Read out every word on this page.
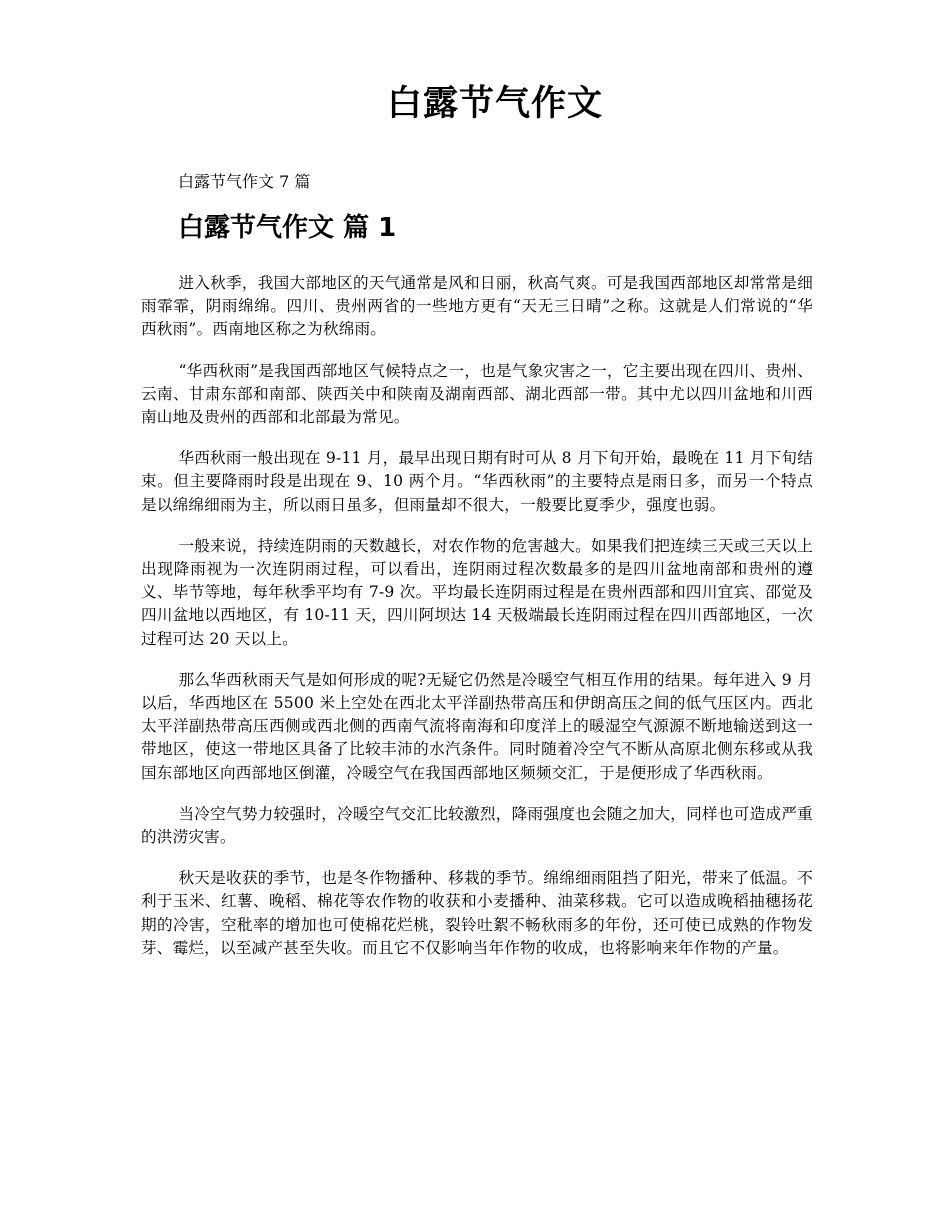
白露节气作文

白露节气作文 7 篇

白露节气作文 篇 1

进入秋季，我国大部地区的天气通常是风和日丽，秋高气爽。可是我国西部地区却常常是细雨霏霏，阴雨绵绵。四川、贵州两省的一些地方更有“天无三日晴”之称。这就是人们常说的“华西秋雨”。西南地区称之为秋绵雨。

“华西秋雨”是我国西部地区气候特点之一，也是气象灾害之一，它主要出现在四川、贵州、云南、甘肃东部和南部、陕西关中和陕南及湖南西部、湖北西部一带。其中尤以四川盆地和川西南山地及贵州的西部和北部最为常见。

华西秋雨一般出现在 9-11 月，最早出现日期有时可从 8 月下旬开始，最晚在 11 月下旬结束。但主要降雨时段是出现在 9、10 两个月。“华西秋雨”的主要特点是雨日多，而另一个特点是以绵绵细雨为主，所以雨日虽多，但雨量却不很大，一般要比夏季少，强度也弱。

一般来说，持续连阴雨的天数越长，对农作物的危害越大。如果我们把连续三天或三天以上出现降雨视为一次连阴雨过程，可以看出，连阴雨过程次数最多的是四川盆地南部和贵州的遵义、毕节等地，每年秋季平均有 7-9 次。平均最长连阴雨过程是在贵州西部和四川宜宾、邵觉及四川盆地以西地区，有 10-11 天，四川阿坝达 14 天极端最长连阴雨过程在四川西部地区，一次过程可达 20 天以上。

那么华西秋雨天气是如何形成的呢?无疑它仍然是冷暖空气相互作用的结果。每年进入 9 月以后，华西地区在 5500 米上空处在西北太平洋副热带高压和伊朗高压之间的低气压区内。西北太平洋副热带高压西侧或西北侧的西南气流将南海和印度洋上的暖湿空气源源不断地输送到这一带地区，使这一带地区具备了比较丰沛的水汽条件。同时随着冷空气不断从高原北侧东移或从我国东部地区向西部地区倒灌，冷暖空气在我国西部地区频频交汇，于是便形成了华西秋雨。

当冷空气势力较强时，冷暖空气交汇比较激烈，降雨强度也会随之加大，同样也可造成严重的洪涝灾害。

秋天是收获的季节，也是冬作物播种、移栽的季节。绵绵细雨阻挡了阳光，带来了低温。不利于玉米、红薯、晚稻、棉花等农作物的收获和小麦播种、油菜移栽。它可以造成晚稻抽穗扬花期的冷害，空秕率的增加也可使棉花烂桃，裂铃吐絮不畅秋雨多的年份，还可使已成熟的作物发芽、霉烂，以至减产甚至失收。而且它不仅影响当年作物的收成，也将影响来年作物的产量。
